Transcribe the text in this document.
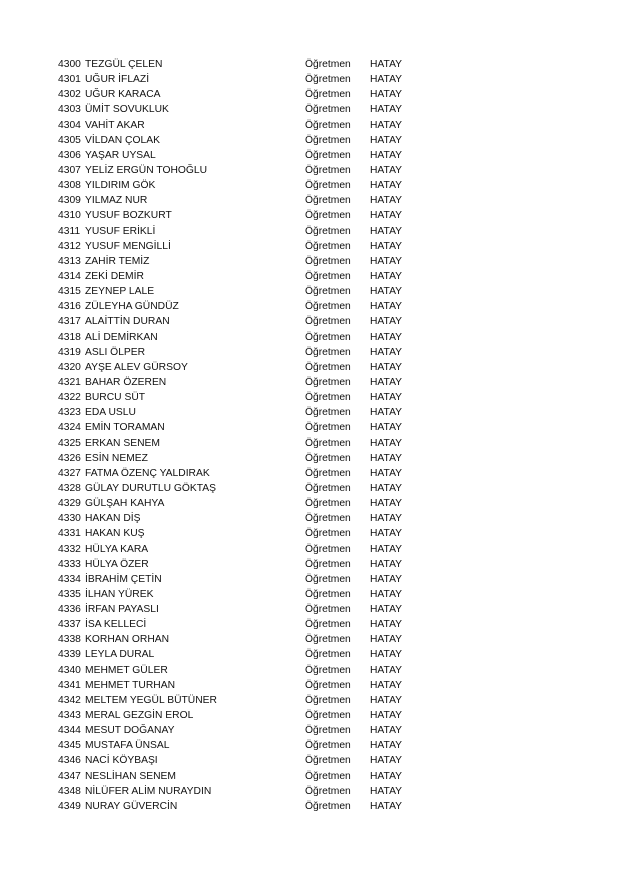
4300 TEZGÜL ÇELEN	Öğretmen HATAY
4301 UĞUR İFLAZİ	Öğretmen HATAY
4302 UĞUR KARACA	Öğretmen HATAY
4303 ÜMİT SOVUKLUK	Öğretmen HATAY
4304 VAHİT AKAR	Öğretmen HATAY
4305 VİLDAN ÇOLAK	Öğretmen HATAY
4306 YAŞAR UYSAL	Öğretmen HATAY
4307 YELİZ ERGÜN TOHOĞLU	Öğretmen HATAY
4308 YILDIRIM GÖK	Öğretmen HATAY
4309 YILMAZ NUR	Öğretmen HATAY
4310 YUSUF BOZKURT	Öğretmen HATAY
4311 YUSUF ERİKLİ	Öğretmen HATAY
4312 YUSUF MENGİLLİ	Öğretmen HATAY
4313 ZAHİR TEMİZ	Öğretmen HATAY
4314 ZEKİ DEMİR	Öğretmen HATAY
4315 ZEYNEP LALE	Öğretmen HATAY
4316 ZÜLEYHA GÜNDÜZ	Öğretmen HATAY
4317 ALAİTTİN DURAN	Öğretmen HATAY
4318 ALİ DEMİRKAN	Öğretmen HATAY
4319 ASLI ÖLPER	Öğretmen HATAY
4320 AYŞE ALEV GÜRSOY	Öğretmen HATAY
4321 BAHAR ÖZEREN	Öğretmen HATAY
4322 BURCU SÜT	Öğretmen HATAY
4323 EDA USLU	Öğretmen HATAY
4324 EMİN TORAMAN	Öğretmen HATAY
4325 ERKAN SENEM	Öğretmen HATAY
4326 ESİN NEMEZ	Öğretmen HATAY
4327 FATMA ÖZENÇ YALDIRAK	Öğretmen HATAY
4328 GÜLAY DURUTLU GÖKTAŞ	Öğretmen HATAY
4329 GÜLŞAH KAHYA	Öğretmen HATAY
4330 HAKAN DİŞ	Öğretmen HATAY
4331 HAKAN KUŞ	Öğretmen HATAY
4332 HÜLYA KARA	Öğretmen HATAY
4333 HÜLYA ÖZER	Öğretmen HATAY
4334 İBRAHİM ÇETİN	Öğretmen HATAY
4335 İLHAN YÜREK	Öğretmen HATAY
4336 İRFAN PAYASLI	Öğretmen HATAY
4337 İSA KELLECİ	Öğretmen HATAY
4338 KORHAN ORHAN	Öğretmen HATAY
4339 LEYLA DURAL	Öğretmen HATAY
4340 MEHMET GÜLER	Öğretmen HATAY
4341 MEHMET TURHAN	Öğretmen HATAY
4342 MELTEM YEGÜL BÜTÜNER	Öğretmen HATAY
4343 MERAL GEZGİN EROL	Öğretmen HATAY
4344 MESUT DOĞANAY	Öğretmen HATAY
4345 MUSTAFA ÜNSAL	Öğretmen HATAY
4346 NACİ KÖYBAŞI	Öğretmen HATAY
4347 NESLİHAN SENEM	Öğretmen HATAY
4348 NİLÜFER ALİM NURAYDIN	Öğretmen HATAY
4349 NURAY GÜVERCİN	Öğretmen HATAY
